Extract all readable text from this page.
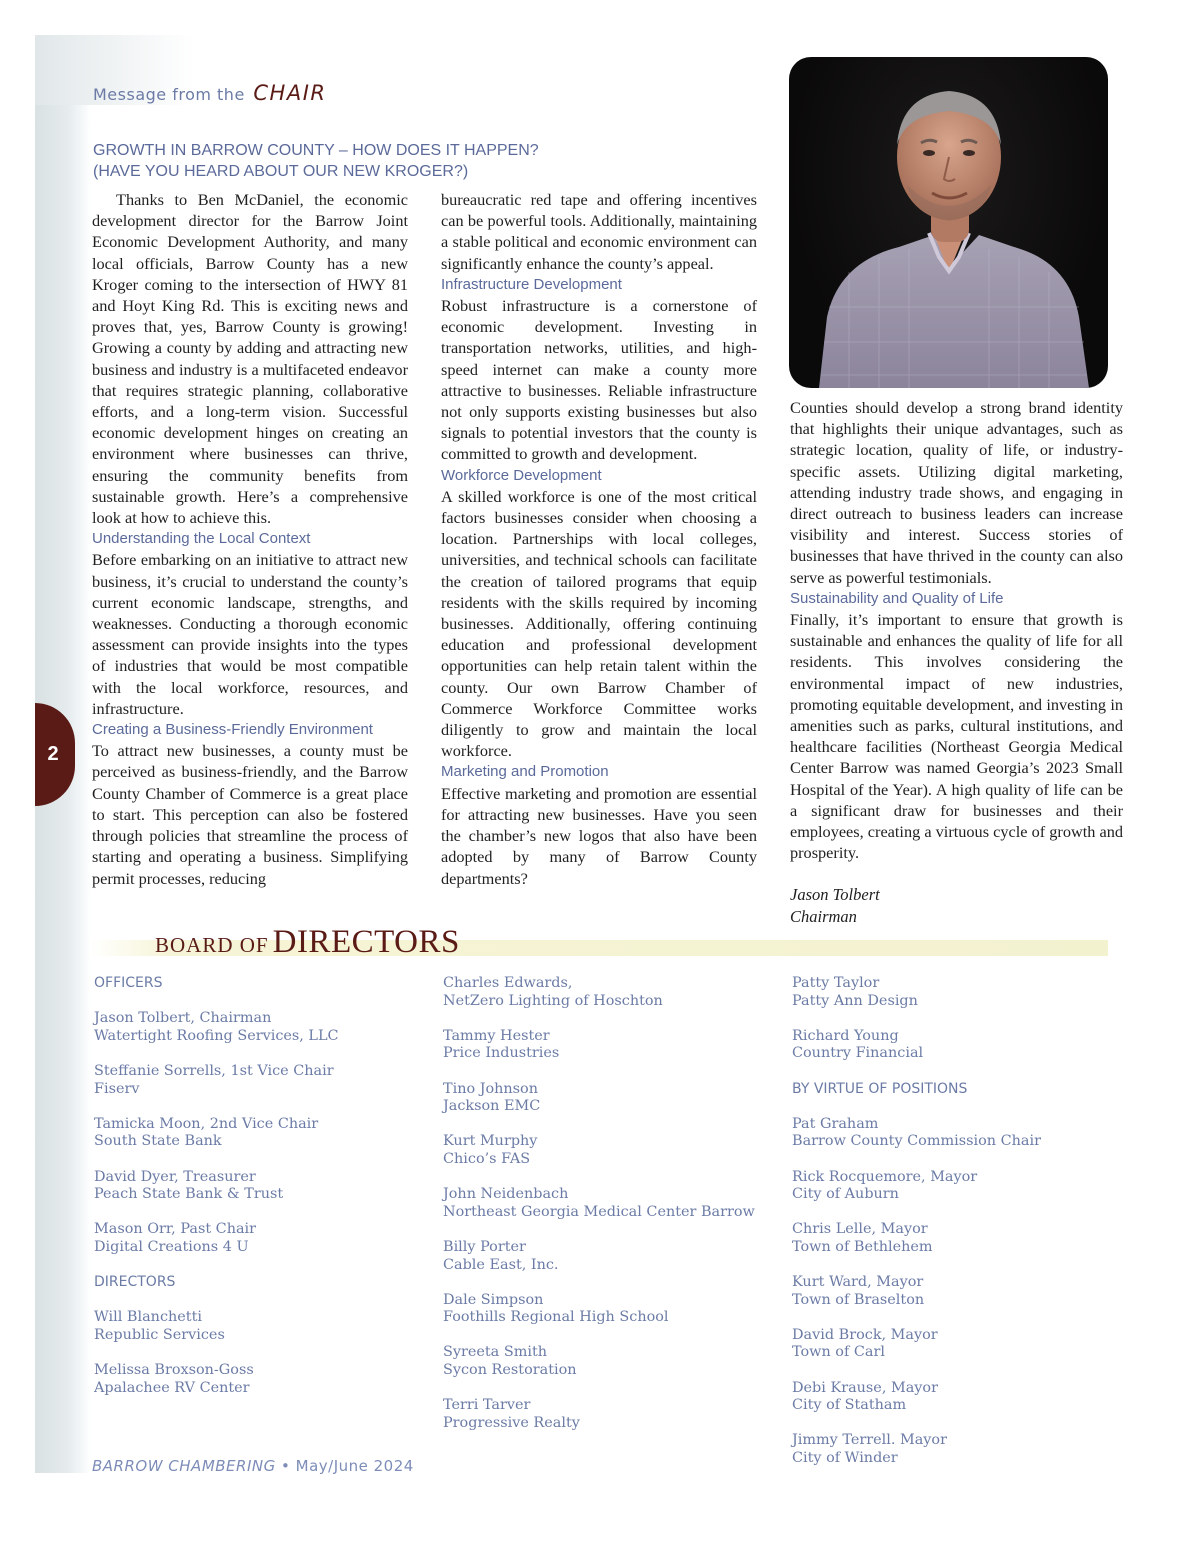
2
Message from the CHAIR
GROWTH IN BARROW COUNTY – HOW DOES IT HAPPEN?
(HAVE YOU HEARD ABOUT OUR NEW KROGER?)

Thanks to Ben McDaniel, the economic development director for the Barrow Joint Economic Development Authority, and many local officials, Barrow County has a new Kroger coming to the intersection of HWY 81 and Hoyt King Rd. This is exciting news and proves that, yes, Barrow County is growing! Growing a county by adding and attracting new business and industry is a multifaceted endeavor that requires strategic planning, collaborative efforts, and a long-term vision. Successful economic development hinges on creating an environment where businesses can thrive, ensuring the community benefits from sustainable growth. Here’s a comprehensive look at how to achieve this.

Understanding the Local Context

Before embarking on an initiative to attract new business, it’s crucial to understand the county’s current economic landscape, strengths, and weaknesses. Conducting a thorough economic assessment can provide insights into the types of industries that would be most compatible with the local workforce, resources, and infrastructure.

Creating a Business-Friendly Environment

To attract new businesses, a county must be perceived as business-friendly, and the Barrow County Chamber of Commerce is a great place to start. This perception can also be fostered through policies that streamline the process of starting and operating a business. Simplifying permit processes, reducing

bureaucratic red tape and offering incentives can be powerful tools. Additionally, maintaining a stable political and economic environment can significantly enhance the county’s appeal.

Infrastructure Development

Robust infrastructure is a cornerstone of economic development. Investing in transportation networks, utilities, and high-speed internet can make a county more attractive to businesses. Reliable infrastructure not only supports existing businesses but also signals to potential investors that the county is committed to growth and development.

Workforce Development

A skilled workforce is one of the most critical factors businesses consider when choosing a location. Partnerships with local colleges, universities, and technical schools can facilitate the creation of tailored programs that equip residents with the skills required by incoming businesses. Additionally, offering continuing education and professional development opportunities can help retain talent within the county. Our own Barrow Chamber of Commerce Workforce Committee works diligently to grow and maintain the local workforce.

Marketing and Promotion

Effective marketing and promotion are essential for attracting new businesses. Have you seen the chamber’s new logos that also have been adopted by many of Barrow County departments?

Counties should develop a strong brand identity that highlights their unique advantages, such as strategic location, quality of life, or industry-specific assets. Utilizing digital marketing, attending industry trade shows, and engaging in direct outreach to business leaders can increase visibility and interest. Success stories of businesses that have thrived in the county can also serve as powerful testimonials.

Sustainability and Quality of Life

Finally, it’s important to ensure that growth is sustainable and enhances the quality of life for all residents. This involves considering the environmental impact of new industries, promoting equitable development, and investing in amenities such as parks, cultural institutions, and healthcare facilities (Northeast Georgia Medical Center Barrow was named Georgia’s 2023 Small Hospital of the Year). A high quality of life can be a significant draw for businesses and their employees, creating a virtuous cycle of growth and prosperity.

Jason Tolbert
Chairman
BOARD OF DIRECTORS
OFFICERS
Jason Tolbert, Chairman
Watertight Roofing Services, LLC
Steffanie Sorrells, 1st Vice Chair
Fiserv
Tamicka Moon, 2nd Vice Chair
South State Bank
David Dyer, Treasurer
Peach State Bank & Trust
Mason Orr, Past Chair
Digital Creations 4 U
DIRECTORS
Will Blanchetti
Republic Services
Melissa Broxson-Goss
Apalachee RV Center
Charles Edwards,
NetZero Lighting of Hoschton
Tammy Hester
Price Industries
Tino Johnson
Jackson EMC
Kurt Murphy
Chico’s FAS
John Neidenbach
Northeast Georgia Medical Center Barrow
Billy Porter
Cable East, Inc.
Dale Simpson
Foothills Regional High School
Syreeta Smith
Sycon Restoration
Terri Tarver
Progressive Realty
Patty Taylor
Patty Ann Design
Richard Young
Country Financial
BY VIRTUE OF POSITIONS
Pat Graham
Barrow County Commission Chair
Rick Rocquemore, Mayor
City of Auburn
Chris Lelle, Mayor
Town of Bethlehem
Kurt Ward, Mayor
Town of Braselton
David Brock, Mayor
Town of Carl
Debi Krause, Mayor
City of Statham
Jimmy Terrell. Mayor
City of Winder
BARROW CHAMBERING • May/June 2024
